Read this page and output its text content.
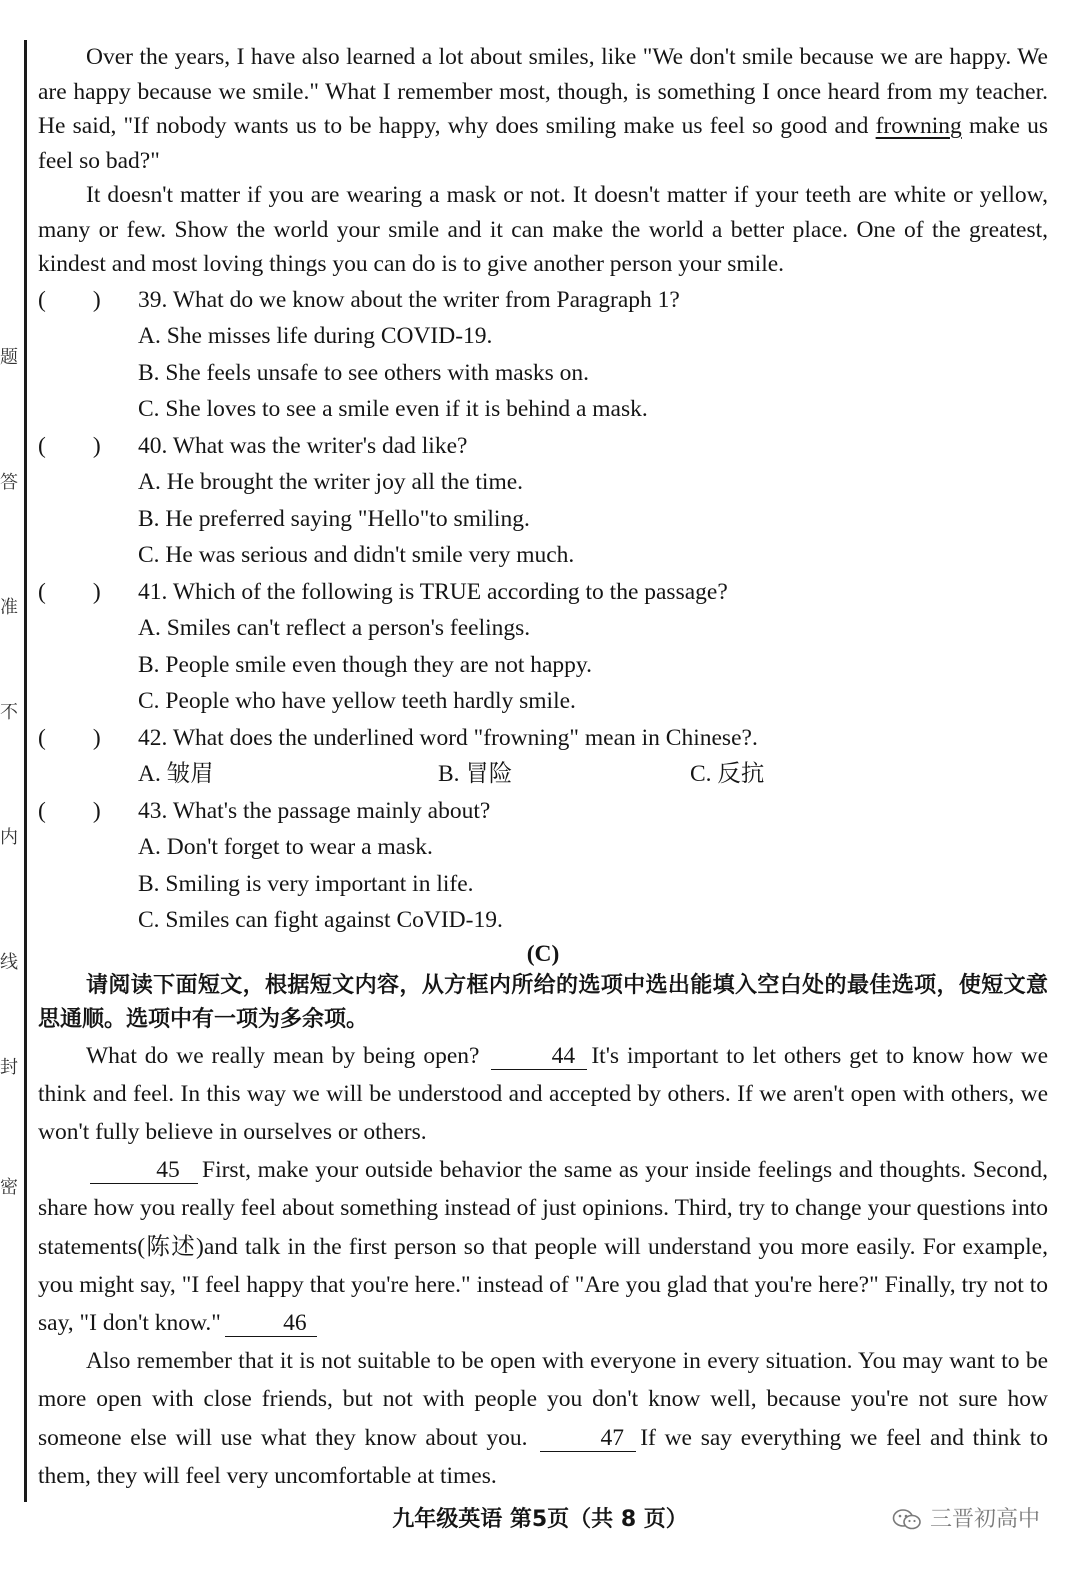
题
答
准
不
内
线
封
密

Over the years, I have also learned a lot about smiles, like "We don't smile because we are happy. We are happy because we smile." What I remember most, though, is something I once heard from my teacher. He said, "If nobody wants us to be happy, why does smiling make us feel so good and frowning make us feel so bad?"

It doesn't matter if you are wearing a mask or not. It doesn't matter if your teeth are white or yellow, many or few. Show the world your smile and it can make the world a better place. One of the greatest, kindest and most loving things you can do is to give another person your smile.

(        )	39. What do we know about the writer from Paragraph 1?
A. She misses life during COVID-19.
B. She feels unsafe to see others with masks on.
C. She loves to see a smile even if it is behind a mask.
(        )	40. What was the writer's dad like?
A. He brought the writer joy all the time.
B. He preferred saying "Hello"to smiling.
C. He was serious and didn't smile very much.
(        )	41. Which of the following is TRUE according to the passage?
A. Smiles can't reflect a person's feelings.
B. People smile even though they are not happy.
C. People who have yellow teeth hardly smile.
(        )	42. What does the underlined word "frowning" mean in Chinese?.
A. 皱眉	B. 冒险	C. 反抗
(        )	43. What's the passage mainly about?
A. Don't forget to wear a mask.
B. Smiling is very important in life.
C. Smiles can fight against CoVID-19.
(C)

请阅读下面短文，根据短文内容，从方框内所给的选项中选出能填入空白处的最佳选项，使短文意思通顺。选项中有一项为多余项。

What do we really mean by being open?	44 It's important to let others get to know how we think and feel. In this way we will be understood and accepted by others. If we aren't open with others, we won't fully believe in ourselves or others.

45 First, make your outside behavior the same as your inside feelings and thoughts. Second, share how you really feel about something instead of just opinions. Third, try to change your questions into statements(陈述)and talk in the first person so that people will understand you more easily. For example, you might say, "I feel happy that you're here." instead of "Are you glad that you're here?" Finally, try not to say, "I don't know."	46

Also remember that it is not suitable to be open with everyone in every situation. You may want to be more open with close friends, but not with people you don't know well, because you're not sure how someone else will use what they know about you.	47 If we say everything we feel and think to them, they will feel very uncomfortable at times.

九年级英语 第5页（共 8 页）	三晋初高中
